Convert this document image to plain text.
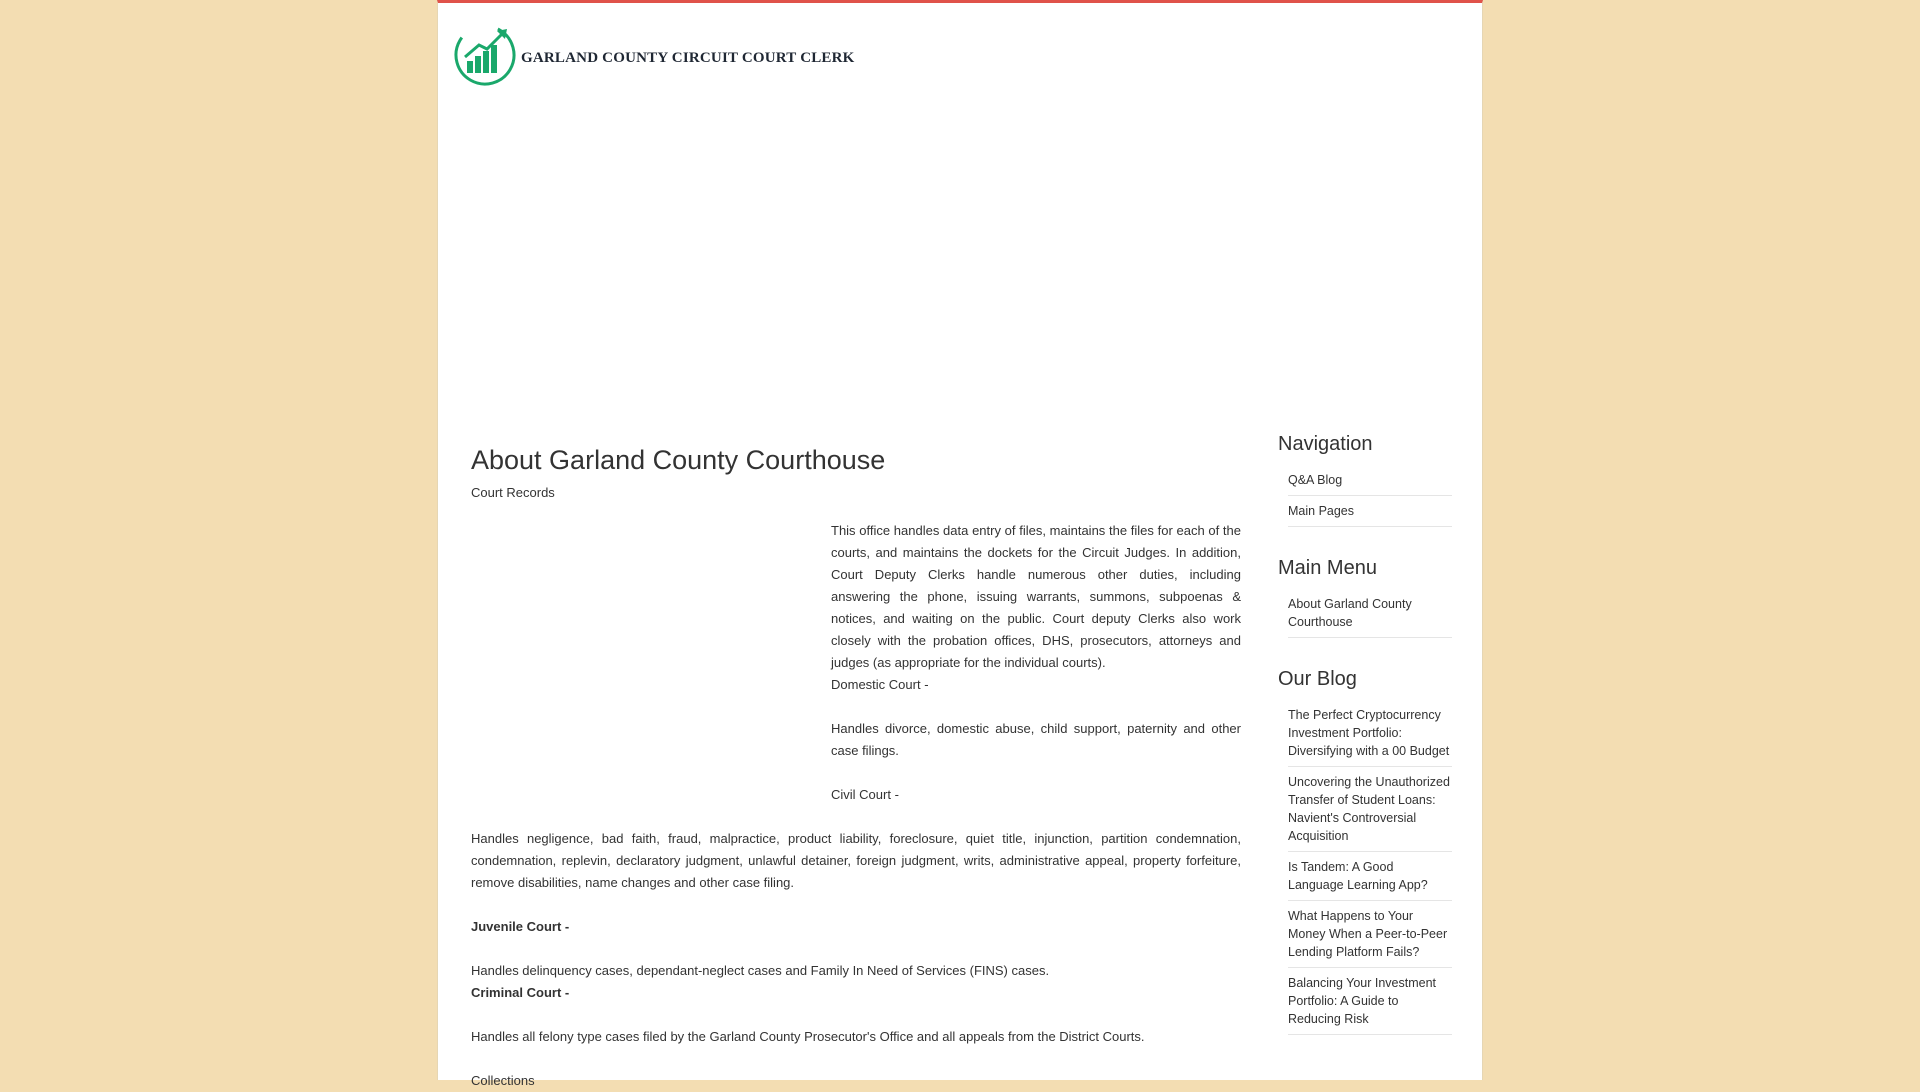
GARLAND COUNTY CIRCUIT COURT CLERK
About Garland County Courthouse
Court Records

This office handles data entry of files, maintains the files for each of the courts, and maintains the dockets for the Circuit Judges. In addition, Court Deputy Clerks handle numerous other duties, including answering the phone, issuing warrants, summons, subpoenas & notices, and waiting on the public. Court deputy Clerks also work closely with the probation offices, DHS, prosecutors, attorneys and judges (as appropriate for the individual courts).

Domestic Court -

Handles divorce, domestic abuse, child support, paternity and other case filings.

Civil Court -

Handles negligence, bad faith, fraud, malpractice, product liability, foreclosure, quiet title, injunction, partition condemnation, condemnation, replevin, declaratory judgment, unlawful detainer, foreign judgment, writs, administrative appeal, property forfeiture, remove disabilities, name changes and other case filing.

Juvenile Court -

Handles delinquency cases, dependant-neglect cases and Family In Need of Services (FINS) cases.

Criminal Court -

Handles all felony type cases filed by the Garland County Prosecutor's Office and all appeals from the District Courts.

Collections

Navigation
Q&A Blog
Main Pages
Main Menu
About Garland County Courthouse
Our Blog
The Perfect Cryptocurrency Investment Portfolio: Diversifying with a 00 Budget
Uncovering the Unauthorized Transfer of Student Loans: Navient's Controversial Acquisition
Is Tandem: A Good Language Learning App?
What Happens to Your Money When a Peer-to-Peer Lending Platform Fails?
Balancing Your Investment Portfolio: A Guide to Reducing Risk
